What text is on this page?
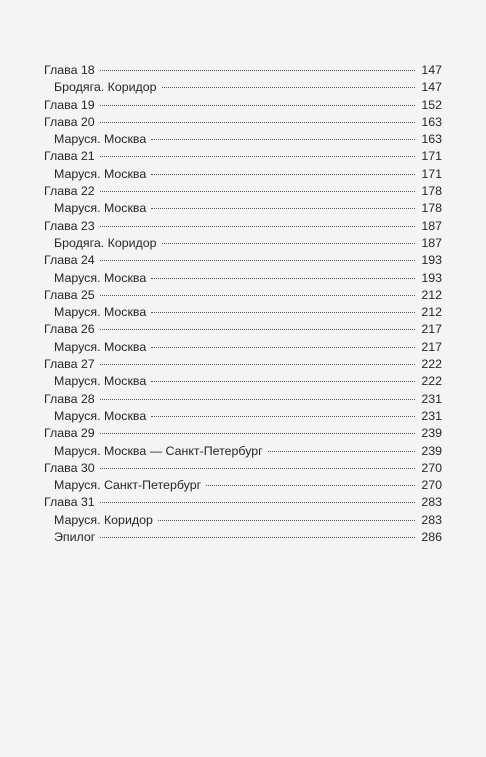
Глава 18	147
Бродяга. Коридор	147
Глава 19	152
Глава 20	163
Маруся. Москва	163
Глава 21	171
Маруся. Москва	171
Глава 22	178
Маруся. Москва	178
Глава 23	187
Бродяга. Коридор	187
Глава 24	193
Маруся. Москва	193
Глава 25	212
Маруся. Москва	212
Глава 26	217
Маруся. Москва	217
Глава 27	222
Маруся. Москва	222
Глава 28	231
Маруся. Москва	231
Глава 29	239
Маруся. Москва — Санкт-Петербург	239
Глава 30	270
Маруся. Санкт-Петербург	270
Глава 31	283
Маруся. Коридор	283
Эпилог	286
